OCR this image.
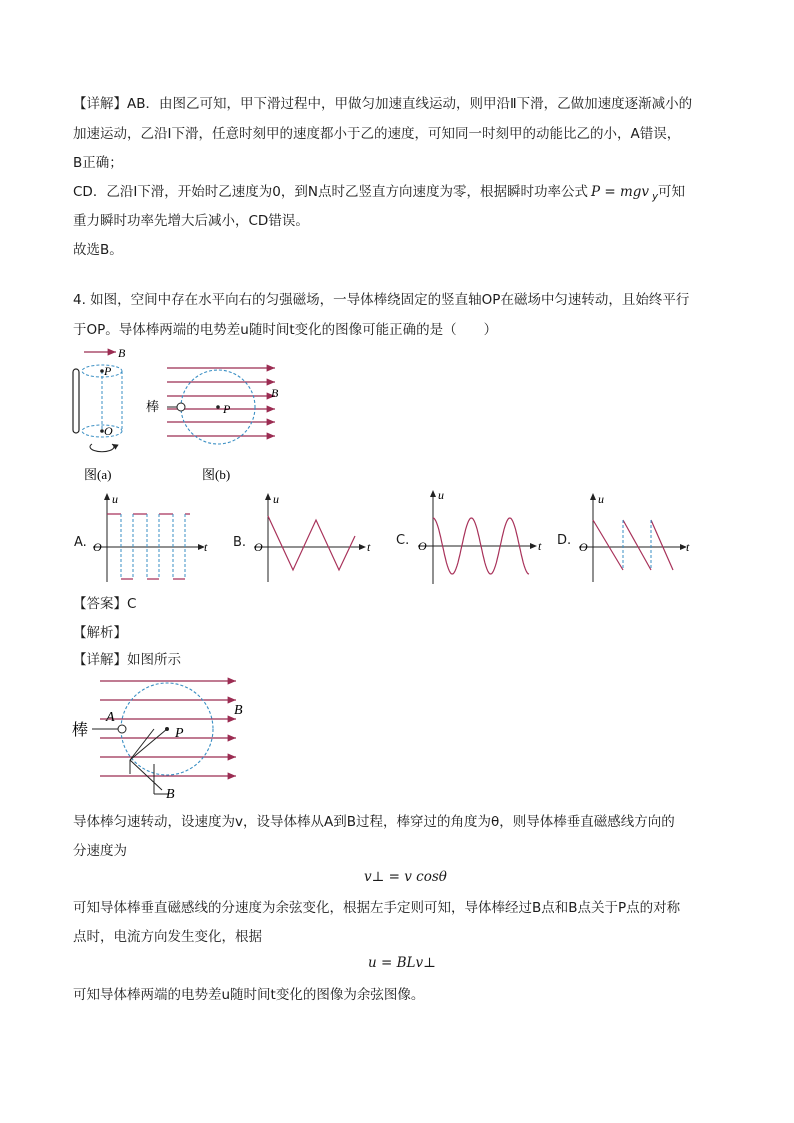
【详解】AB．由图乙可知，甲下滑过程中，甲做匀加速直线运动，则甲沿Ⅱ下滑，乙做加速度逐渐减小的
加速运动，乙沿Ⅰ下滑，任意时刻甲的速度都小于乙的速度，可知同一时刻甲的动能比乙的小，A错误，
B正确；
CD．乙沿Ⅰ下滑，开始时乙速度为0，到N点时乙竖直方向速度为零，根据瞬时功率公式 P = mgv $_y$可知
重力瞬时功率先增大后减小，CD错误。
故选B。
4. 如图，空间中存在水平向右的匀强磁场，一导体棒绕固定的竖直轴OP在磁场中匀速转动，且始终平行
于OP。导体棒两端的电势差u随时间t变化的图像可能正确的是（　　）
B
P
O
图(a)
B
P
棒
图(b)
A.
u
O	t B.
u
O	t C.
u
O	t D.
u
O	t
【答案】C
【解析】
【详解】如图所示
B
P
A
棒
B
导体棒匀速转动，设速度为v，设导体棒从A到B过程，棒穿过的角度为θ，则导体棒垂直磁感线方向的
分速度为
v⊥ = v cosθ
可知导体棒垂直磁感线的分速度为余弦变化，根据左手定则可知，导体棒经过B点和B点关于P点的对称
点时，电流方向发生变化，根据
u = BLv⊥
可知导体棒两端的电势差u随时间t变化的图像为余弦图像。
